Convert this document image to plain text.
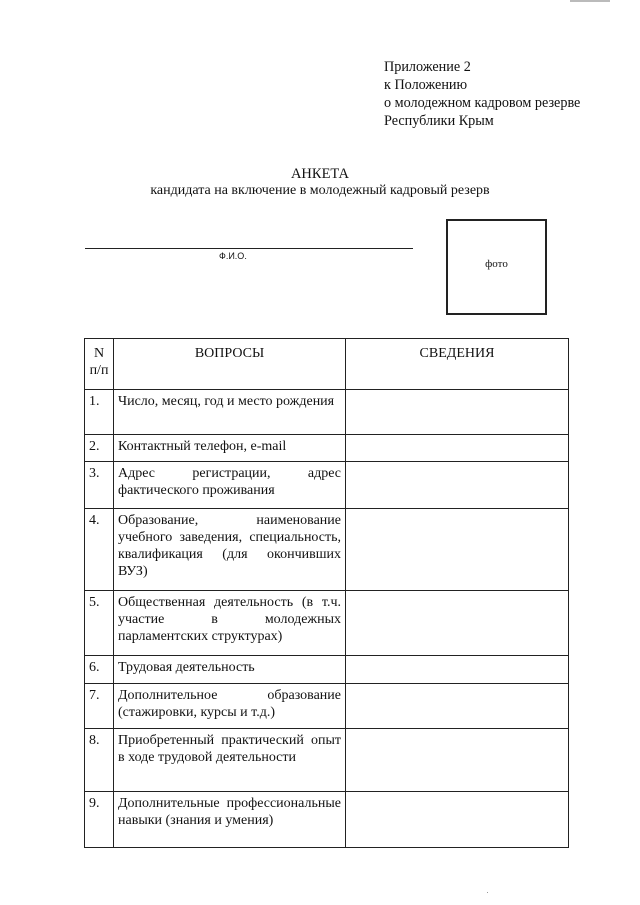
Приложение 2
к Положению
о молодежном кадровом резерве
Республики Крым
АНКЕТА
кандидата на включение в молодежный кадровый резерв
Ф.И.О.
фото
N
п/п	ВОПРОСЫ	СВЕДЕНИЯ
1.	Число, месяц, год и место рождения	
2.	Контактный телефон, e-mail	
3.	Адрес регистрации, адрес фактического проживания	
4.	Образование, наименование учебного заведения, специальность, квалификация (для окончивших ВУЗ)	
5.	Общественная деятельность (в т.ч. участие в молодежных парламентских структурах)	
6.	Трудовая деятельность	
7.	Дополнительное образование (стажировки, курсы и т.д.)	
8.	Приобретенный практический опыт в ходе трудовой деятельности	
9.	Дополнительные профессиональные навыки (знания и умения)	
